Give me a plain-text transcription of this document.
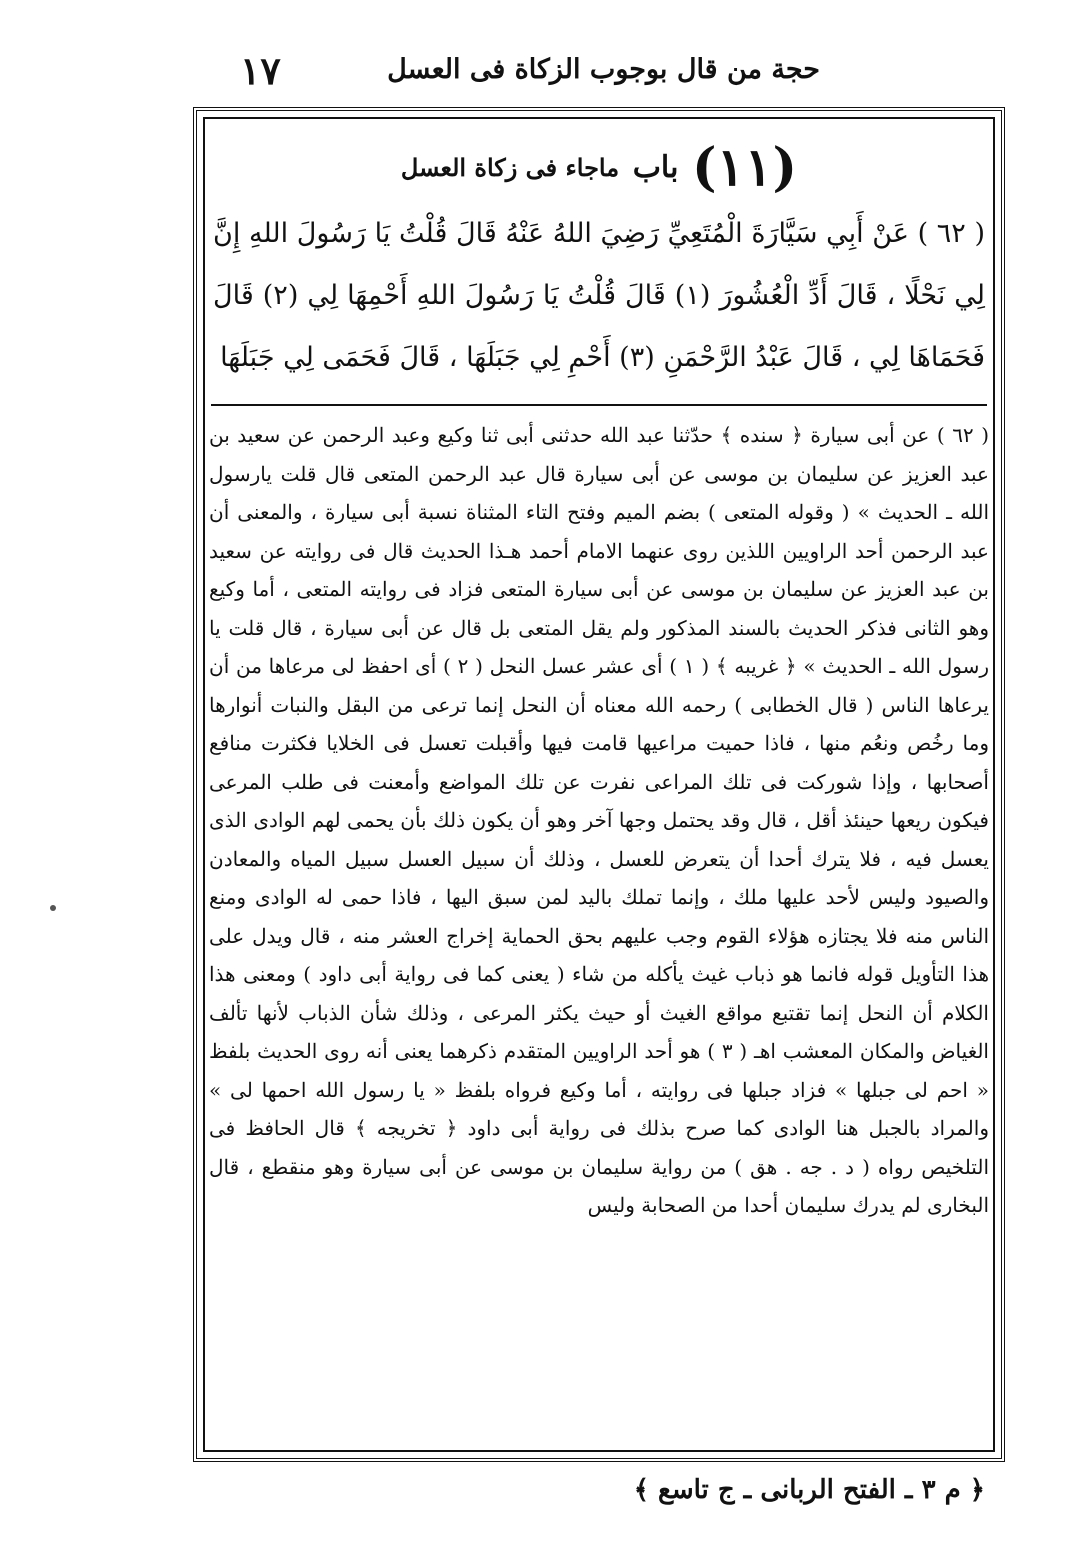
حجة من قال بوجوب الزكاة فى العسل
١٧
(١١) باب ماجاء فى زكاة العسل
( ٦٢ ) عَنْ أَبِي سَيَّارَةَ الْمُتَعِيِّ رَضِيَ اللهُ عَنْهُ قَالَ قُلْتُ يَا رَسُولَ اللهِ إِنَّ لِي نَحْلًا ، قَالَ أَدِّ الْعُشُورَ (١) قَالَ قُلْتُ يَا رَسُولَ اللهِ أَحْمِهَا لِي (٢) قَالَ فَحَمَاهَا لِي ، قَالَ عَبْدُ الرَّحْمَنِ (٣) أَحْمِ لِي جَبَلَهَا ، قَالَ فَحَمَى لِي جَبَلَهَا
( ٦٢ ) عن أبى سيارة ﴿ سنده ﴾ حدّثنا عبد الله حدثنى أبى ثنا وكيع وعبد الرحمن عن سعيد بن عبد العزيز عن سليمان بن موسى عن أبى سيارة قال عبد الرحمن المتعى قال قلت يارسول الله ـ الحديث » ( وقوله المتعى ) بضم الميم وفتح التاء المثناة نسبة أبى سيارة ، والمعنى أن عبد الرحمن أحد الراويين اللذين روى عنهما الامام أحمد هـذا الحديث قال فى روايته عن سعيد بن عبد العزيز عن سليمان بن موسى عن أبى سيارة المتعى فزاد فى روايته المتعى ، أما وكيع وهو الثانى فذكر الحديث بالسند المذكور ولم يقل المتعى بل قال عن أبى سيارة ، قال قلت يا رسول الله ـ الحديث » ﴿ غريبه ﴾ ( ١ ) أى عشر عسل النحل ( ٢ ) أى احفظ لى مرعاها من أن يرعاها الناس ( قال الخطابى ) رحمه الله معناه أن النحل إنما ترعى من البقل والنبات أنوارها وما رخُص ونعُم منها ، فاذا حميت مراعيها قامت فيها وأقبلت تعسل فى الخلايا فكثرت منافع أصحابها ، وإذا شوركت فى تلك المراعى نفرت عن تلك المواضع وأمعنت فى طلب المرعى فيكون ريعها حينئذ أقل ، قال وقد يحتمل وجها آخر وهو أن يكون ذلك بأن يحمى لهم الوادى الذى يعسل فيه ، فلا يترك أحدا أن يتعرض للعسل ، وذلك أن سبيل العسل سبيل المياه والمعادن والصيود وليس لأحد عليها ملك ، وإنما تملك باليد لمن سبق اليها ، فاذا حمى له الوادى ومنع الناس منه فلا يجتازه هؤلاء القوم وجب عليهم بحق الحماية إخراج العشر منه ، قال ويدل على هذا التأويل قوله فانما هو ذباب غيث يأكله من شاء ( يعنى كما فى رواية أبى داود ) ومعنى هذا الكلام أن النحل إنما تقتبع مواقع الغيث أو حيث يكثر المرعى ، وذلك شأن الذباب لأنها تألف الغياض والمكان المعشب اهـ ( ٣ ) هو أحد الراويين المتقدم ذكرهما يعنى أنه روى الحديث بلفظ « احم لى جبلها » فزاد جبلها فى روايته ، أما وكيع فرواه بلفظ « يا رسول الله احمها لى » والمراد بالجبل هنا الوادى كما صرح بذلك فى رواية أبى داود ﴿ تخريجه ﴾ قال الحافظ فى التلخيص رواه ( د . جه . هق ) من رواية سليمان بن موسى عن أبى سيارة وهو منقطع ، قال البخارى لم يدرك سليمان أحدا من الصحابة وليس
﴿ م ٣ ـ الفتح الربانى ـ ج تاسع ﴾
